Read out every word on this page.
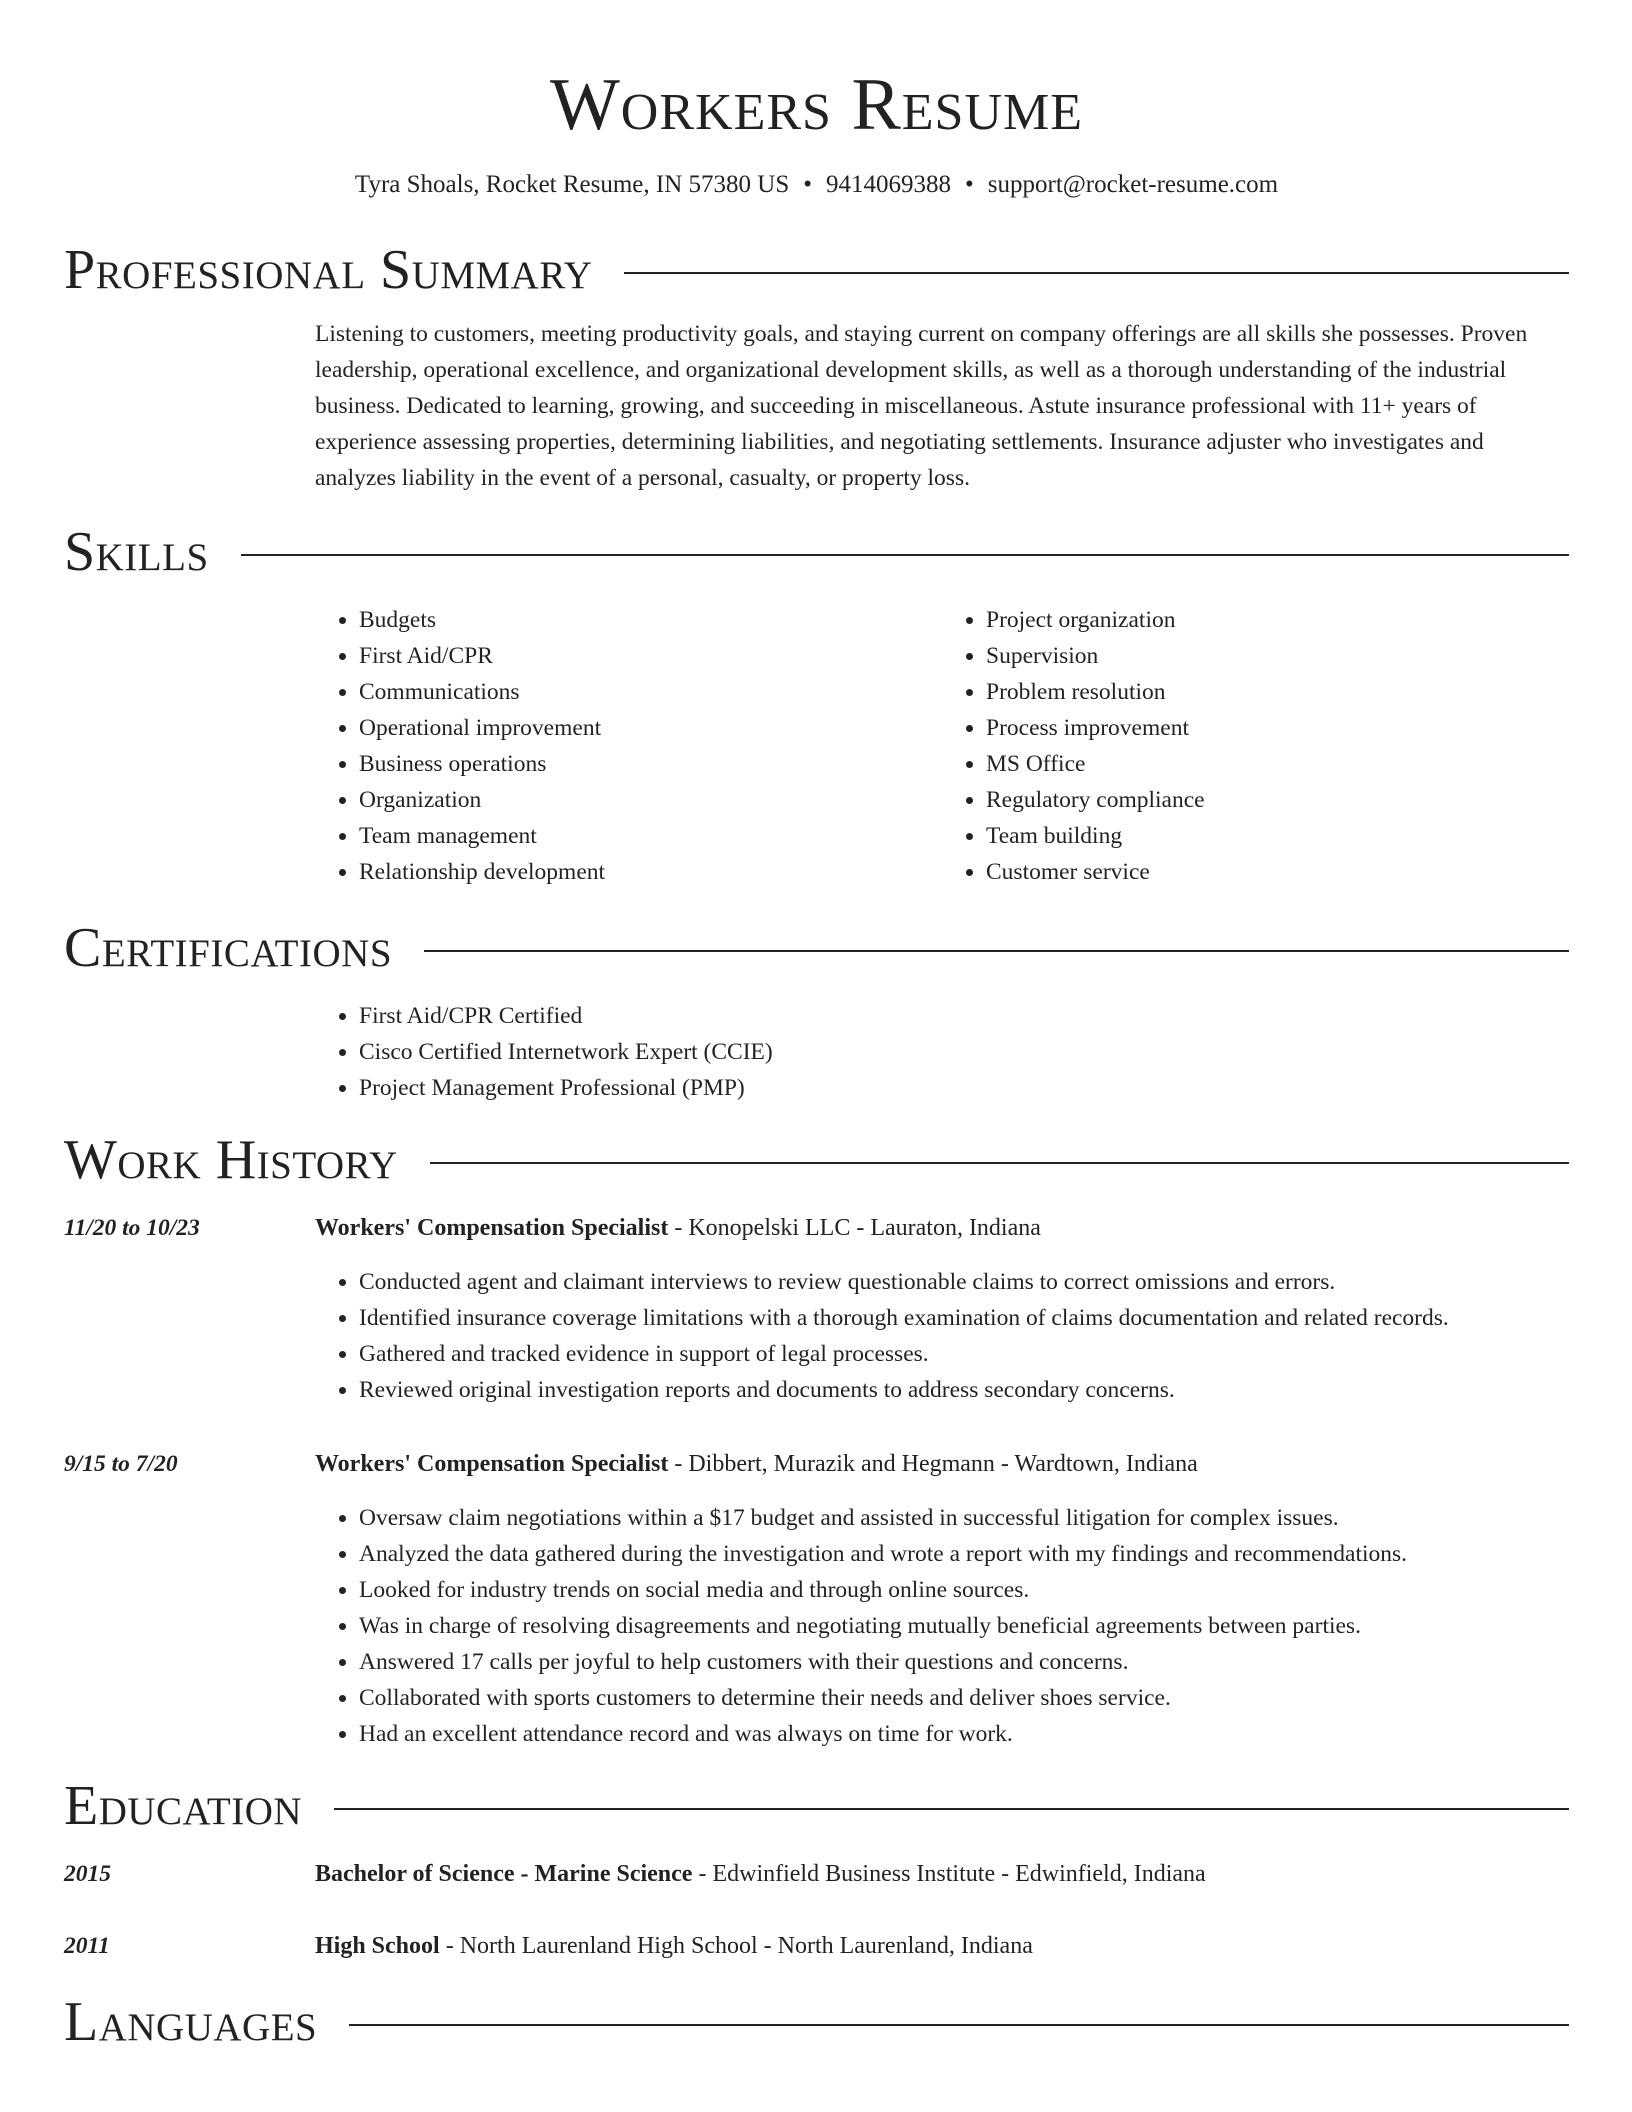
Workers Resume
Tyra Shoals, Rocket Resume, IN 57380 US • 9414069388 • support@rocket-resume.com
Professional Summary
Listening to customers, meeting productivity goals, and staying current on company offerings are all skills she possesses. Proven leadership, operational excellence, and organizational development skills, as well as a thorough understanding of the industrial business. Dedicated to learning, growing, and succeeding in miscellaneous. Astute insurance professional with 11+ years of experience assessing properties, determining liabilities, and negotiating settlements. Insurance adjuster who investigates and analyzes liability in the event of a personal, casualty, or property loss.
Skills
• Budgets
• First Aid/CPR
• Communications
• Operational improvement
• Business operations
• Organization
• Team management
• Relationship development
• Project organization
• Supervision
• Problem resolution
• Process improvement
• MS Office
• Regulatory compliance
• Team building
• Customer service
Certifications
• First Aid/CPR Certified
• Cisco Certified Internetwork Expert (CCIE)
• Project Management Professional (PMP)
Work History
11/20 to 10/23	Workers' Compensation Specialist - Konopelski LLC - Lauraton, Indiana
• Conducted agent and claimant interviews to review questionable claims to correct omissions and errors.
• Identified insurance coverage limitations with a thorough examination of claims documentation and related records.
• Gathered and tracked evidence in support of legal processes.
• Reviewed original investigation reports and documents to address secondary concerns.
9/15 to 7/20	Workers' Compensation Specialist - Dibbert, Murazik and Hegmann - Wardtown, Indiana
• Oversaw claim negotiations within a $17 budget and assisted in successful litigation for complex issues.
• Analyzed the data gathered during the investigation and wrote a report with my findings and recommendations.
• Looked for industry trends on social media and through online sources.
• Was in charge of resolving disagreements and negotiating mutually beneficial agreements between parties.
• Answered 17 calls per joyful to help customers with their questions and concerns.
• Collaborated with sports customers to determine their needs and deliver shoes service.
• Had an excellent attendance record and was always on time for work.
Education
2015	Bachelor of Science - Marine Science - Edwinfield Business Institute - Edwinfield, Indiana
2011	High School - North Laurenland High School - North Laurenland, Indiana
Languages
